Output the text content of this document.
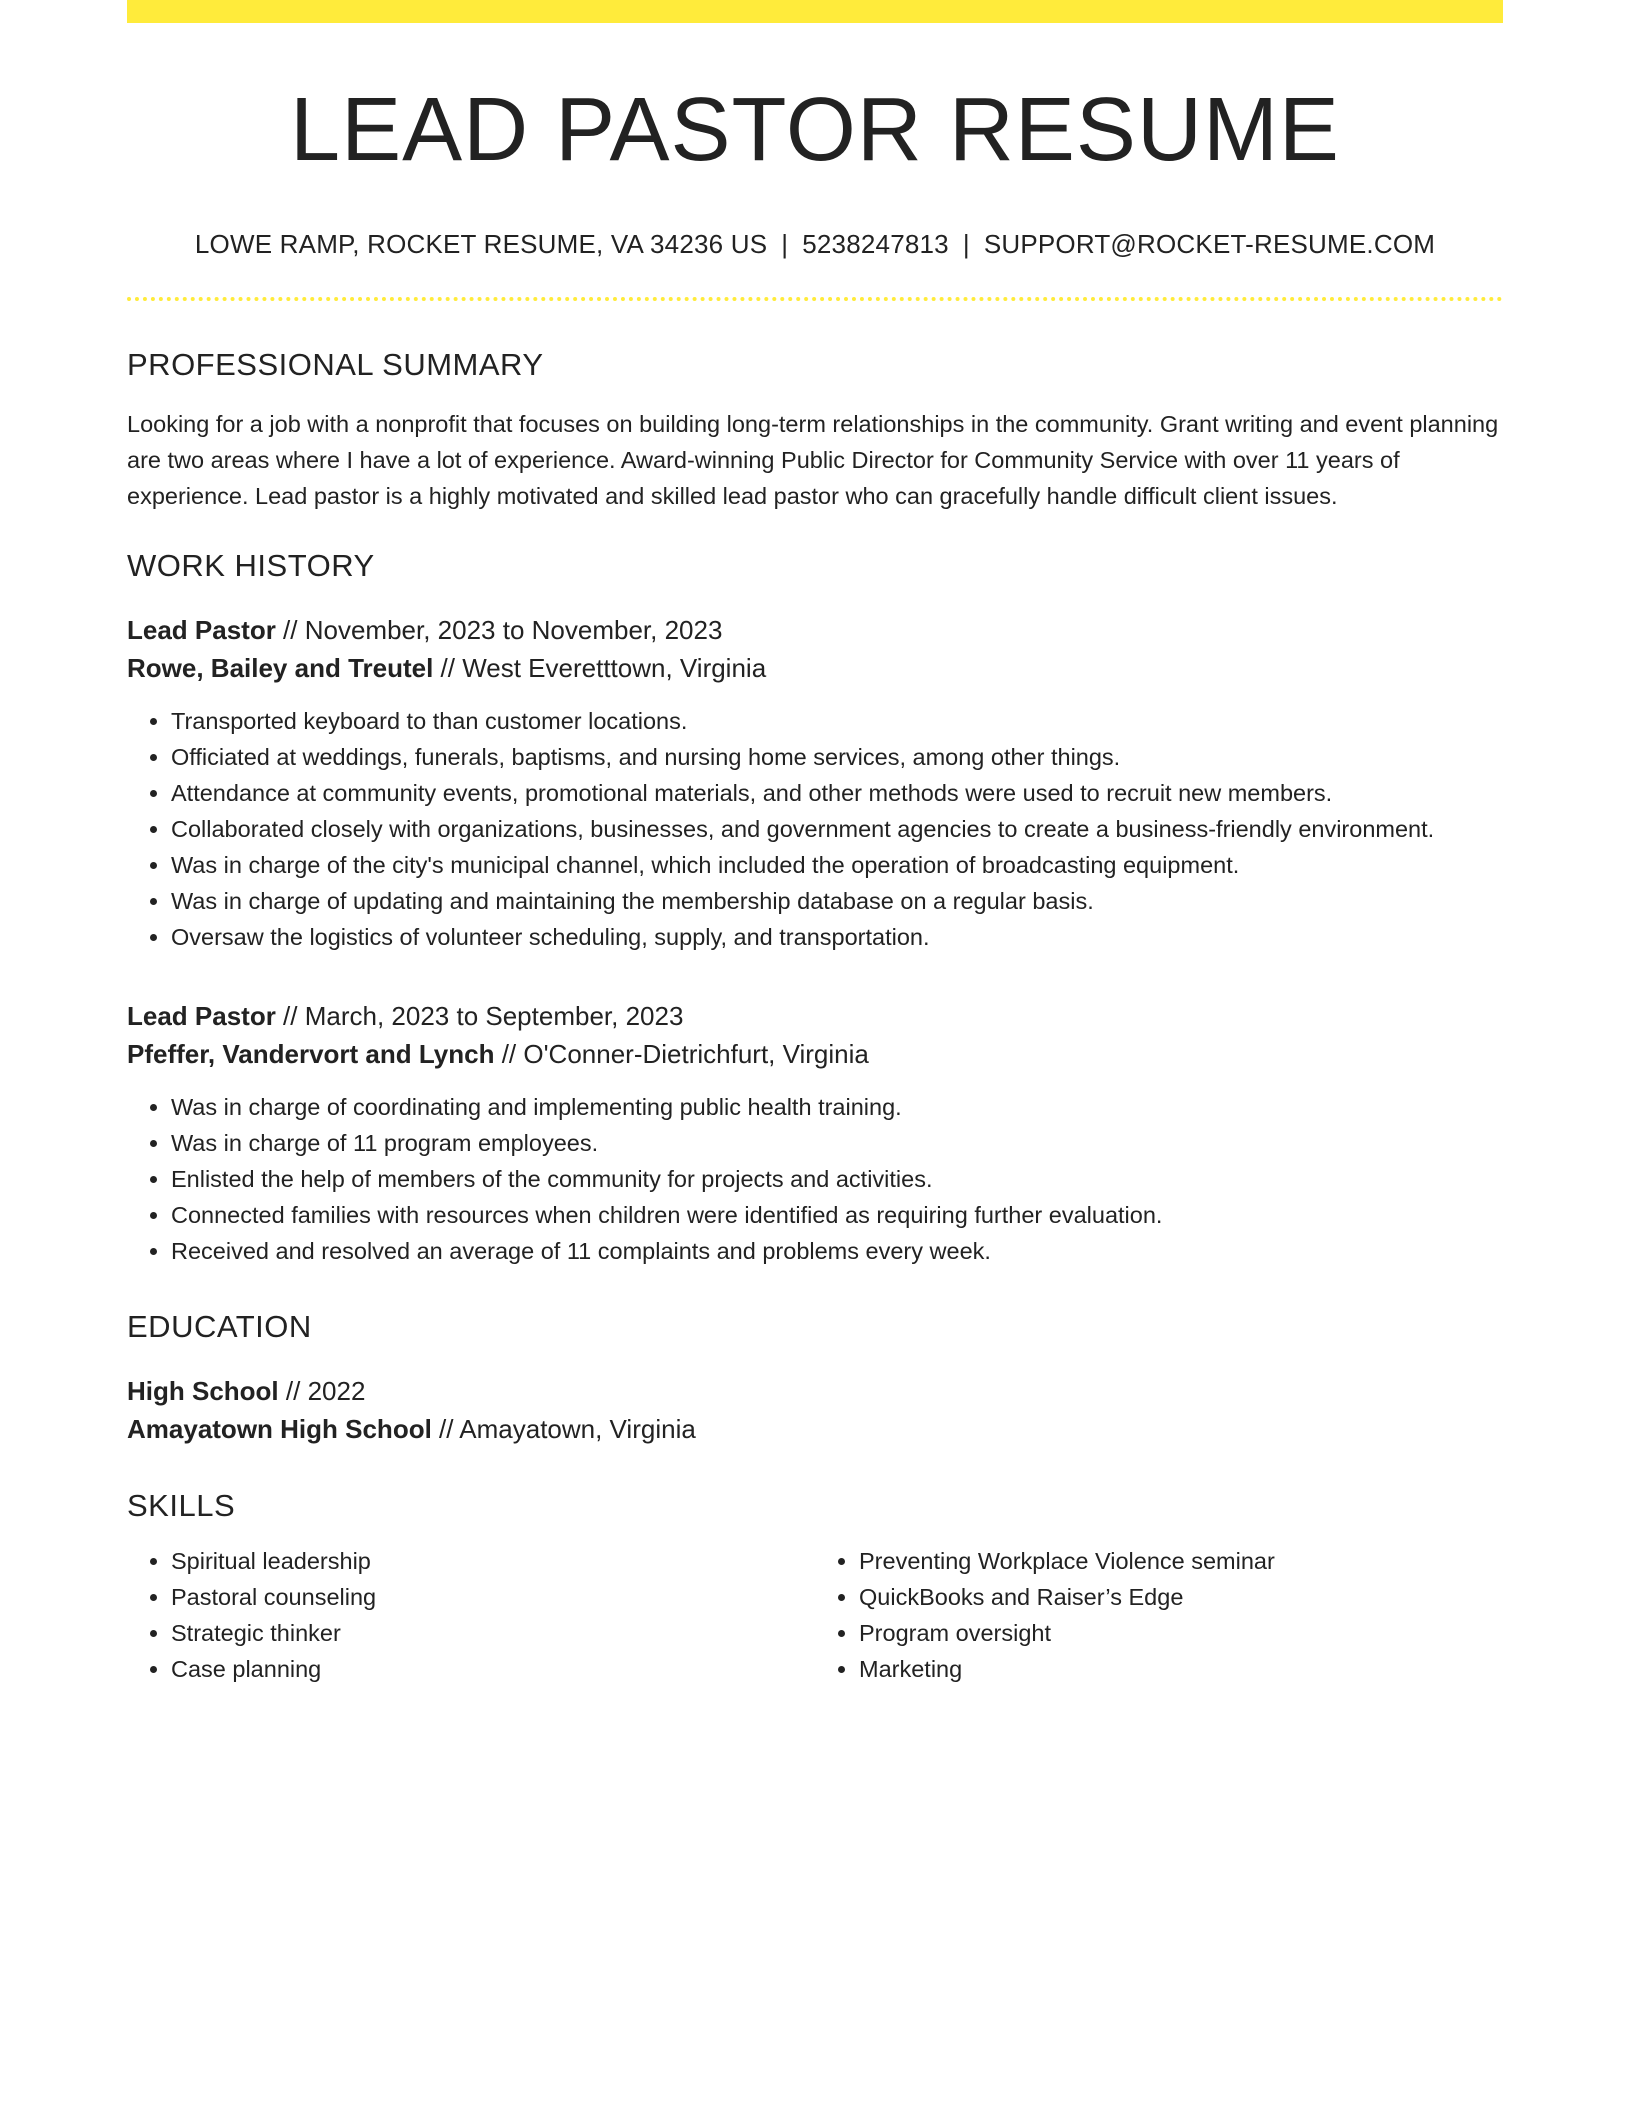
LEAD PASTOR RESUME
LOWE RAMP, ROCKET RESUME, VA 34236 US | 5238247813 | SUPPORT@ROCKET-RESUME.COM
PROFESSIONAL SUMMARY
Looking for a job with a nonprofit that focuses on building long-term relationships in the community. Grant writing and event planning are two areas where I have a lot of experience. Award-winning Public Director for Community Service with over 11 years of experience. Lead pastor is a highly motivated and skilled lead pastor who can gracefully handle difficult client issues.
WORK HISTORY
Lead Pastor // November, 2023 to November, 2023
Rowe, Bailey and Treutel // West Everetttown, Virginia
• Transported keyboard to than customer locations.
• Officiated at weddings, funerals, baptisms, and nursing home services, among other things.
• Attendance at community events, promotional materials, and other methods were used to recruit new members.
• Collaborated closely with organizations, businesses, and government agencies to create a business-friendly environment.
• Was in charge of the city's municipal channel, which included the operation of broadcasting equipment.
• Was in charge of updating and maintaining the membership database on a regular basis.
• Oversaw the logistics of volunteer scheduling, supply, and transportation.
Lead Pastor // March, 2023 to September, 2023
Pfeffer, Vandervort and Lynch // O'Conner-Dietrichfurt, Virginia
• Was in charge of coordinating and implementing public health training.
• Was in charge of 11 program employees.
• Enlisted the help of members of the community for projects and activities.
• Connected families with resources when children were identified as requiring further evaluation.
• Received and resolved an average of 11 complaints and problems every week.
EDUCATION
High School // 2022
Amayatown High School // Amayatown, Virginia
SKILLS
• Spiritual leadership
• Pastoral counseling
• Strategic thinker
• Case planning
• Preventing Workplace Violence seminar
• QuickBooks and Raiser’s Edge
• Program oversight
• Marketing
